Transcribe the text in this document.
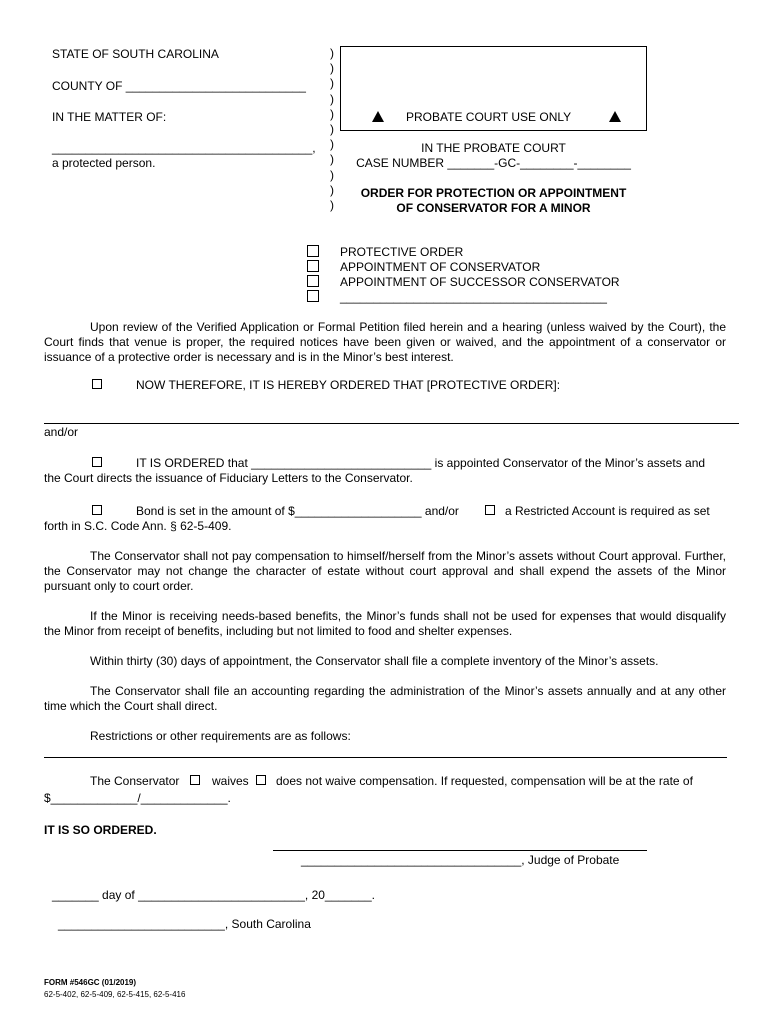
STATE OF SOUTH CAROLINA
COUNTY OF ___________________________
IN THE MATTER OF:
_______________________________________,
a protected person.
)
)
)
)
)
)
)
)
)
)
)
PROBATE COURT USE ONLY
IN THE PROBATE COURT
CASE NUMBER _______-GC-________-________
ORDER FOR PROTECTION OR APPOINTMENT
OF CONSERVATOR FOR A MINOR
PROTECTIVE ORDER
APPOINTMENT OF CONSERVATOR
APPOINTMENT OF SUCCESSOR CONSERVATOR
________________________________________
Upon review of the Verified Application or Formal Petition filed herein and a hearing (unless waived by the Court), the Court finds that venue is proper, the required notices have been given or waived, and the appointment of a conservator or issuance of a protective order is necessary and is in the Minor’s best interest.
NOW THEREFORE, IT IS HEREBY ORDERED THAT [PROTECTIVE ORDER]:
and/or
IT IS ORDERED that ___________________________ is appointed Conservator of the Minor’s assets and
the Court directs the issuance of Fiduciary Letters to the Conservator.
Bond is set in the amount of $___________________ and/or	a Restricted Account is required as set
forth in S.C. Code Ann. § 62-5-409.
The Conservator shall not pay compensation to himself/herself from the Minor’s assets without Court approval. Further, the Conservator may not change the character of estate without court approval and shall expend the assets of the Minor pursuant only to court order.
If the Minor is receiving needs-based benefits, the Minor’s funds shall not be used for expenses that would disqualify the Minor from receipt of benefits, including but not limited to food and shelter expenses.
Within thirty (30) days of appointment, the Conservator shall file a complete inventory of the Minor’s assets.
The Conservator shall file an accounting regarding the administration of the Minor’s assets annually and at any other time which the Court shall direct.
Restrictions or other requirements are as follows:
The Conservator	waives does not waive compensation. If requested, compensation will be at the rate of
$_____________/_____________.
IT IS SO ORDERED.
_________________________________, Judge of Probate
_______ day of _________________________, 20_______.
_________________________, South Carolina
FORM #546GC (01/2019)
62-5-402, 62-5-409, 62-5-415, 62-5-416
